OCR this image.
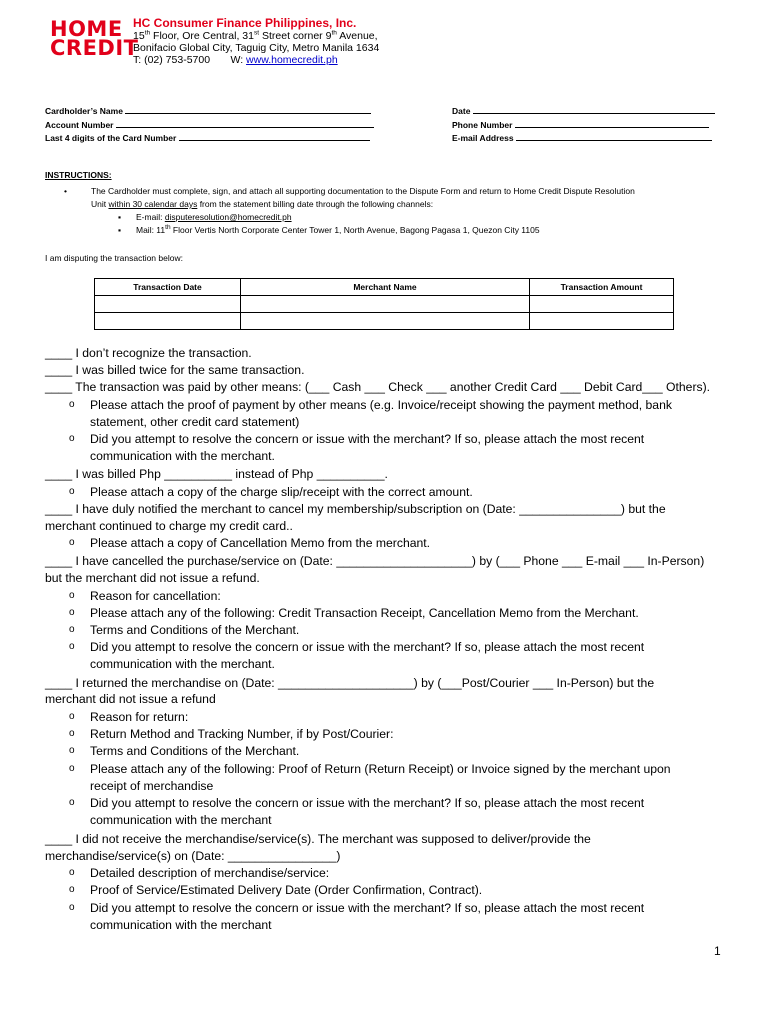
HOME
CREDIT
HC Consumer Finance Philippines, Inc.
15th Floor, Ore Central, 31st Street corner 9th Avenue,
Bonifacio Global City, Taguig City, Metro Manila 1634
T: (02) 753-5700 W: www.homecredit.ph
Cardholder’s Name
Account Number
Last 4 digits of the Card Number
Date
Phone Number
E-mail Address
INSTRUCTIONS:
•	The Cardholder must complete, sign, and attach all supporting documentation to the Dispute Form and return to Home Credit Dispute Resolution
Unit within 30 calendar days from the statement billing date through the following channels:
▪ E-mail: disputeresolution@homecredit.ph
▪ Mail: 11th Floor Vertis North Corporate Center Tower 1, North Avenue, Bagong Pagasa 1, Quezon City 1105
I am disputing the transaction below:
Transaction Date	Merchant Name	Transaction Amount

____ I don’t recognize the transaction.
____ I was billed twice for the same transaction.
____ The transaction was paid by other means: (___ Cash ___ Check ___ another Credit Card ___ Debit Card___ Others).
o Please attach the proof of payment by other means (e.g. Invoice/receipt showing the payment method, bank
statement, other credit card statement)
o Did you attempt to resolve the concern or issue with the merchant? If so, please attach the most recent
communication with the merchant.
____ I was billed Php __________ instead of Php __________.
o Please attach a copy of the charge slip/receipt with the correct amount.
____ I have duly notified the merchant to cancel my membership/subscription on (Date: _______________) but the
merchant continued to charge my credit card..
o Please attach a copy of Cancellation Memo from the merchant.
____ I have cancelled the purchase/service on (Date: ____________________) by (___ Phone ___ E-mail ___ In-Person)
but the merchant did not issue a refund.
o Reason for cancellation:
o Please attach any of the following: Credit Transaction Receipt, Cancellation Memo from the Merchant.
o Terms and Conditions of the Merchant.
o Did you attempt to resolve the concern or issue with the merchant? If so, please attach the most recent
communication with the merchant.
____ I returned the merchandise on (Date: ____________________) by (___Post/Courier ___ In-Person) but the
merchant did not issue a refund
o Reason for return:
o Return Method and Tracking Number, if by Post/Courier:
o Terms and Conditions of the Merchant.
o Please attach any of the following: Proof of Return (Return Receipt) or Invoice signed by the merchant upon
receipt of merchandise
o Did you attempt to resolve the concern or issue with the merchant? If so, please attach the most recent
communication with the merchant
____ I did not receive the merchandise/service(s). The merchant was supposed to deliver/provide the
merchandise/service(s) on (Date: ________________)
o Detailed description of merchandise/service:
o Proof of Service/Estimated Delivery Date (Order Confirmation, Contract).
o Did you attempt to resolve the concern or issue with the merchant? If so, please attach the most recent
communication with the merchant
1
